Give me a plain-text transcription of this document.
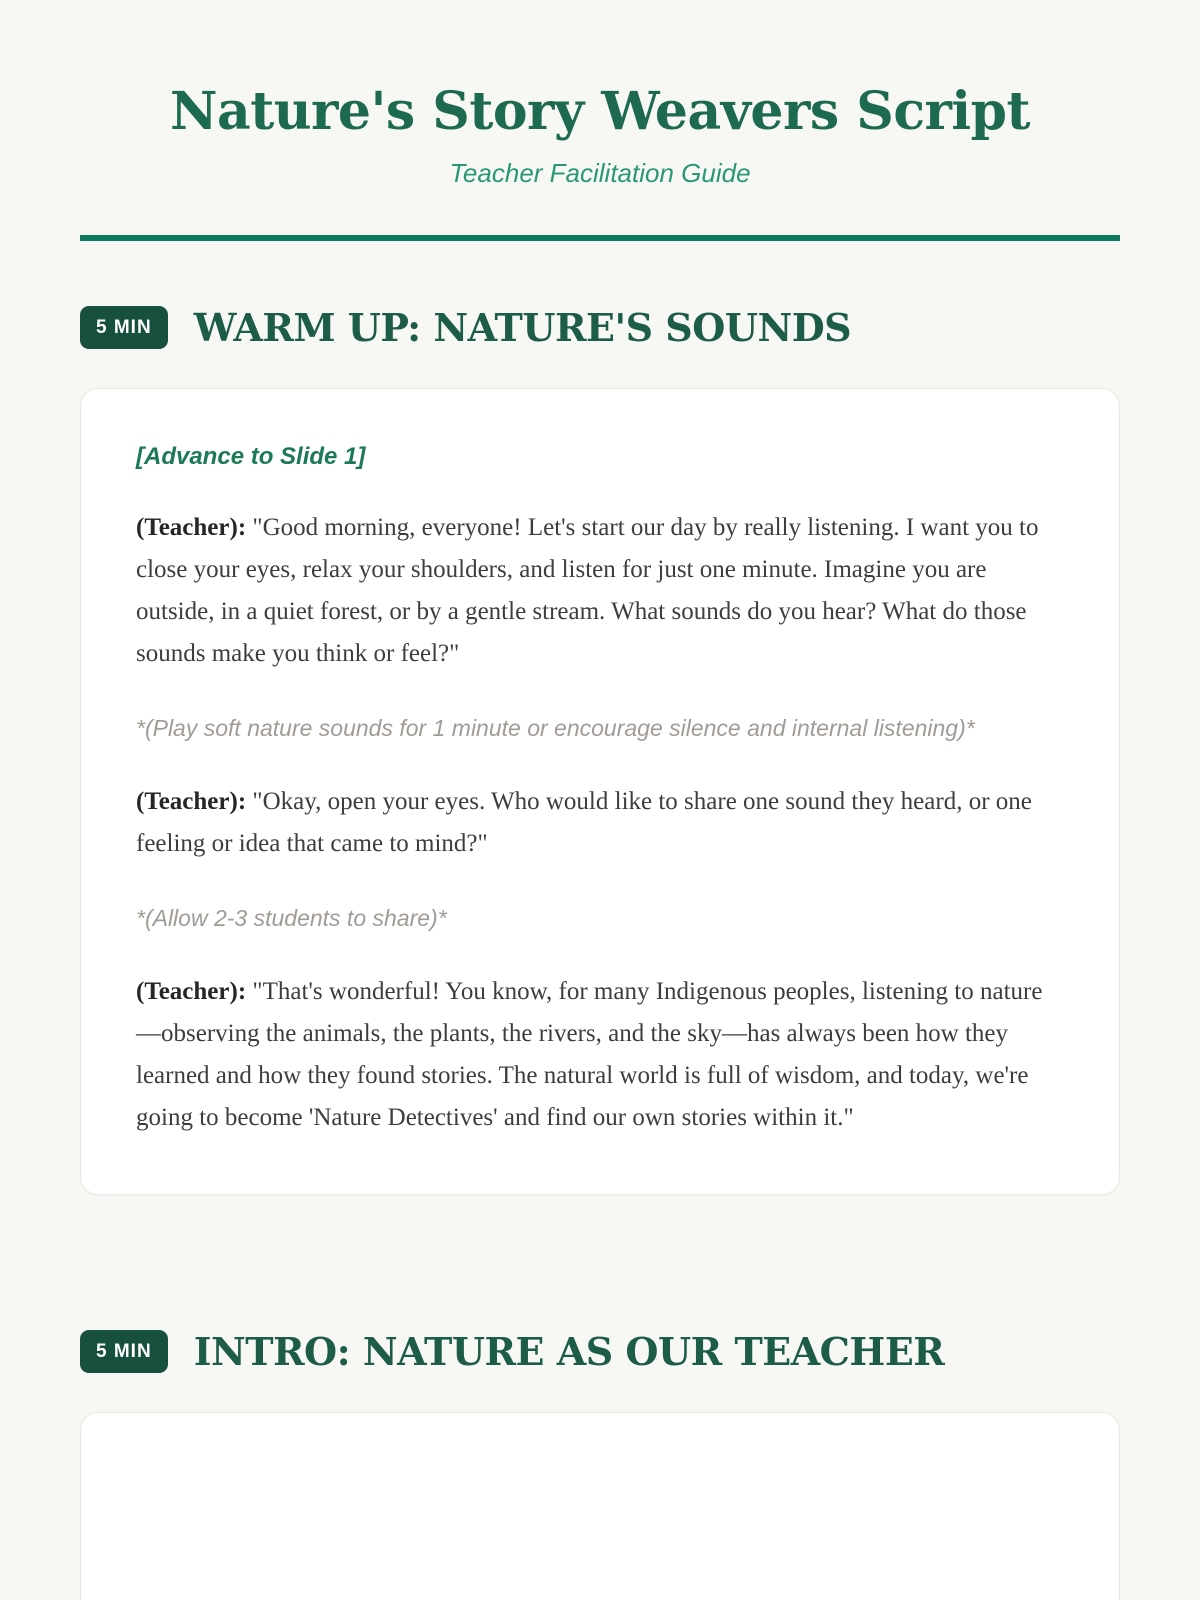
Nature's Story Weavers Script
Teacher Facilitation Guide
5 MIN	WARM UP: NATURE'S SOUNDS

[Advance to Slide 1]

(Teacher): "Good morning, everyone! Let's start our day by really listening. I want you to close your eyes, relax your shoulders, and listen for just one minute. Imagine you are outside, in a quiet forest, or by a gentle stream. What sounds do you hear? What do those sounds make you think or feel?"

*(Play soft nature sounds for 1 minute or encourage silence and internal listening)*

(Teacher): "Okay, open your eyes. Who would like to share one sound they heard, or one feeling or idea that came to mind?"

*(Allow 2-3 students to share)*

(Teacher): "That's wonderful! You know, for many Indigenous peoples, listening to nature—observing the animals, the plants, the rivers, and the sky—has always been how they learned and how they found stories. The natural world is full of wisdom, and today, we're going to become 'Nature Detectives' and find our own stories within it."

5 MIN	INTRO: NATURE AS OUR TEACHER
